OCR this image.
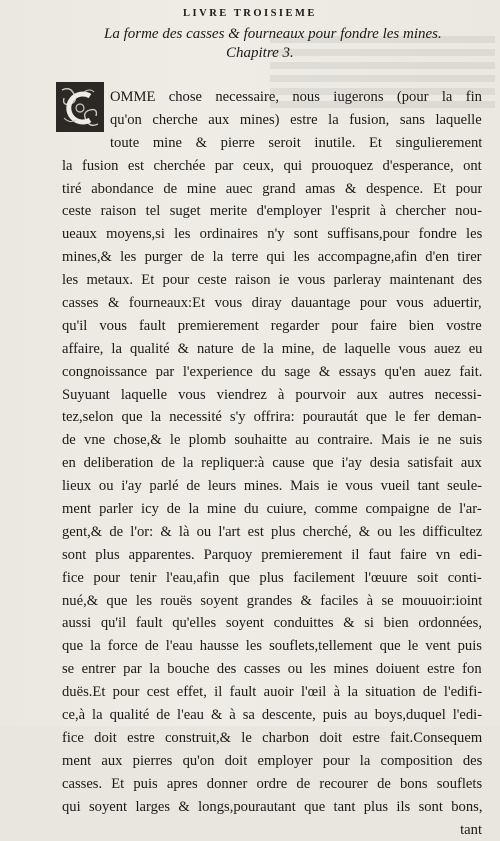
LIVRE TROISIEME
La forme des casses & fourneaux pour fondre les mines.
Chapitre 3.
OMME chose necessaire, nous iugerons (pour la fin
qu'on cherche aux mines) estre la fusion, sans laquelle
toute mine & pierre seroit inutile. Et singulierement
la fusion est cherchée par ceux, qui prouoquez d'esperance, ont
tiré abondance de mine auec grand amas & despence. Et pour
ceste raison tel suget merite d'employer l'esprit à chercher nou-
ueaux moyens,si les ordinaires n'y sont suffisans,pour fondre les
mines,& les purger de la terre qui les accompagne,afin d'en tirer
les metaux. Et pour ceste raison ie vous parleray maintenant des
casses & fourneaux:Et vous diray dauantage pour vous aduertir,
qu'il vous fault premierement regarder pour faire bien vostre
affaire, la qualité & nature de la mine, de laquelle vous auez eu
congnoissance par l'experience du sage & essays qu'en auez fait.
Suyuant laquelle vous viendrez à pourvoir aux autres necessi-
tez,selon que la necessité s'y offrira: pourautát que le fer deman-
de vne chose,& le plomb souhaitte au contraire. Mais ie ne suis
en deliberation de la repliquer:à cause que i'ay desia satisfait aux
lieux ou i'ay parlé de leurs mines. Mais ie vous vueil tant seule-
ment parler icy de la mine du cuiure, comme compaigne de l'ar-
gent,& de l'or: & là ou l'art est plus cherché, & ou les difficultez
sont plus apparentes. Parquoy premierement il faut faire vn edi-
fice pour tenir l'eau,afin que plus facilement l'œuure soit conti-
nué,& que les rouës soyent grandes & faciles à se mouuoir:ioint
aussi qu'il fault qu'elles soyent conduittes & si bien ordonnées,
que la force de l'eau hausse les souflets,tellement que le vent puis
se entrer par la bouche des casses ou les mines doiuent estre fon
duës.Et pour cest effet, il fault auoir l'œil à la situation de l'edifi-
ce,à la qualité de l'eau & à sa descente, puis au boys,duquel l'edi-
fice doit estre construit,& le charbon doit estre fait.Consequem
ment aux pierres qu'on doit employer pour la composition des
casses. Et puis apres donner ordre de recourer de bons souflets
qui soyent larges & longs,pourautant que tant plus ils sont bons,
tant
